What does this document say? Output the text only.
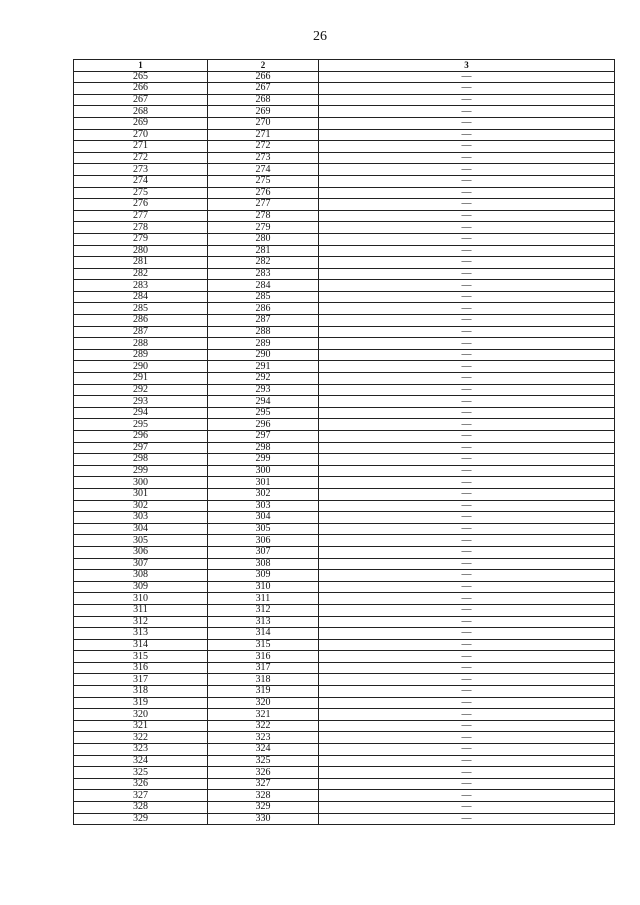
26
1	2	3
265	266	—
266	267	—
267	268	—
268	269	—
269	270	—
270	271	—
271	272	—
272	273	—
273	274	—
274	275	—
275	276	—
276	277	—
277	278	—
278	279	—
279	280	—
280	281	—
281	282	—
282	283	—
283	284	—
284	285	—
285	286	—
286	287	—
287	288	—
288	289	—
289	290	—
290	291	—
291	292	—
292	293	—
293	294	—
294	295	—
295	296	—
296	297	—
297	298	—
298	299	—
299	300	—
300	301	—
301	302	—
302	303	—
303	304	—
304	305	—
305	306	—
306	307	—
307	308	—
308	309	—
309	310	—
310	311	—
311	312	—
312	313	—
313	314	—
314	315	—
315	316	—
316	317	—
317	318	—
318	319	—
319	320	—
320	321	—
321	322	—
322	323	—
323	324	—
324	325	—
325	326	—
326	327	—
327	328	—
328	329	—
329	330	—
